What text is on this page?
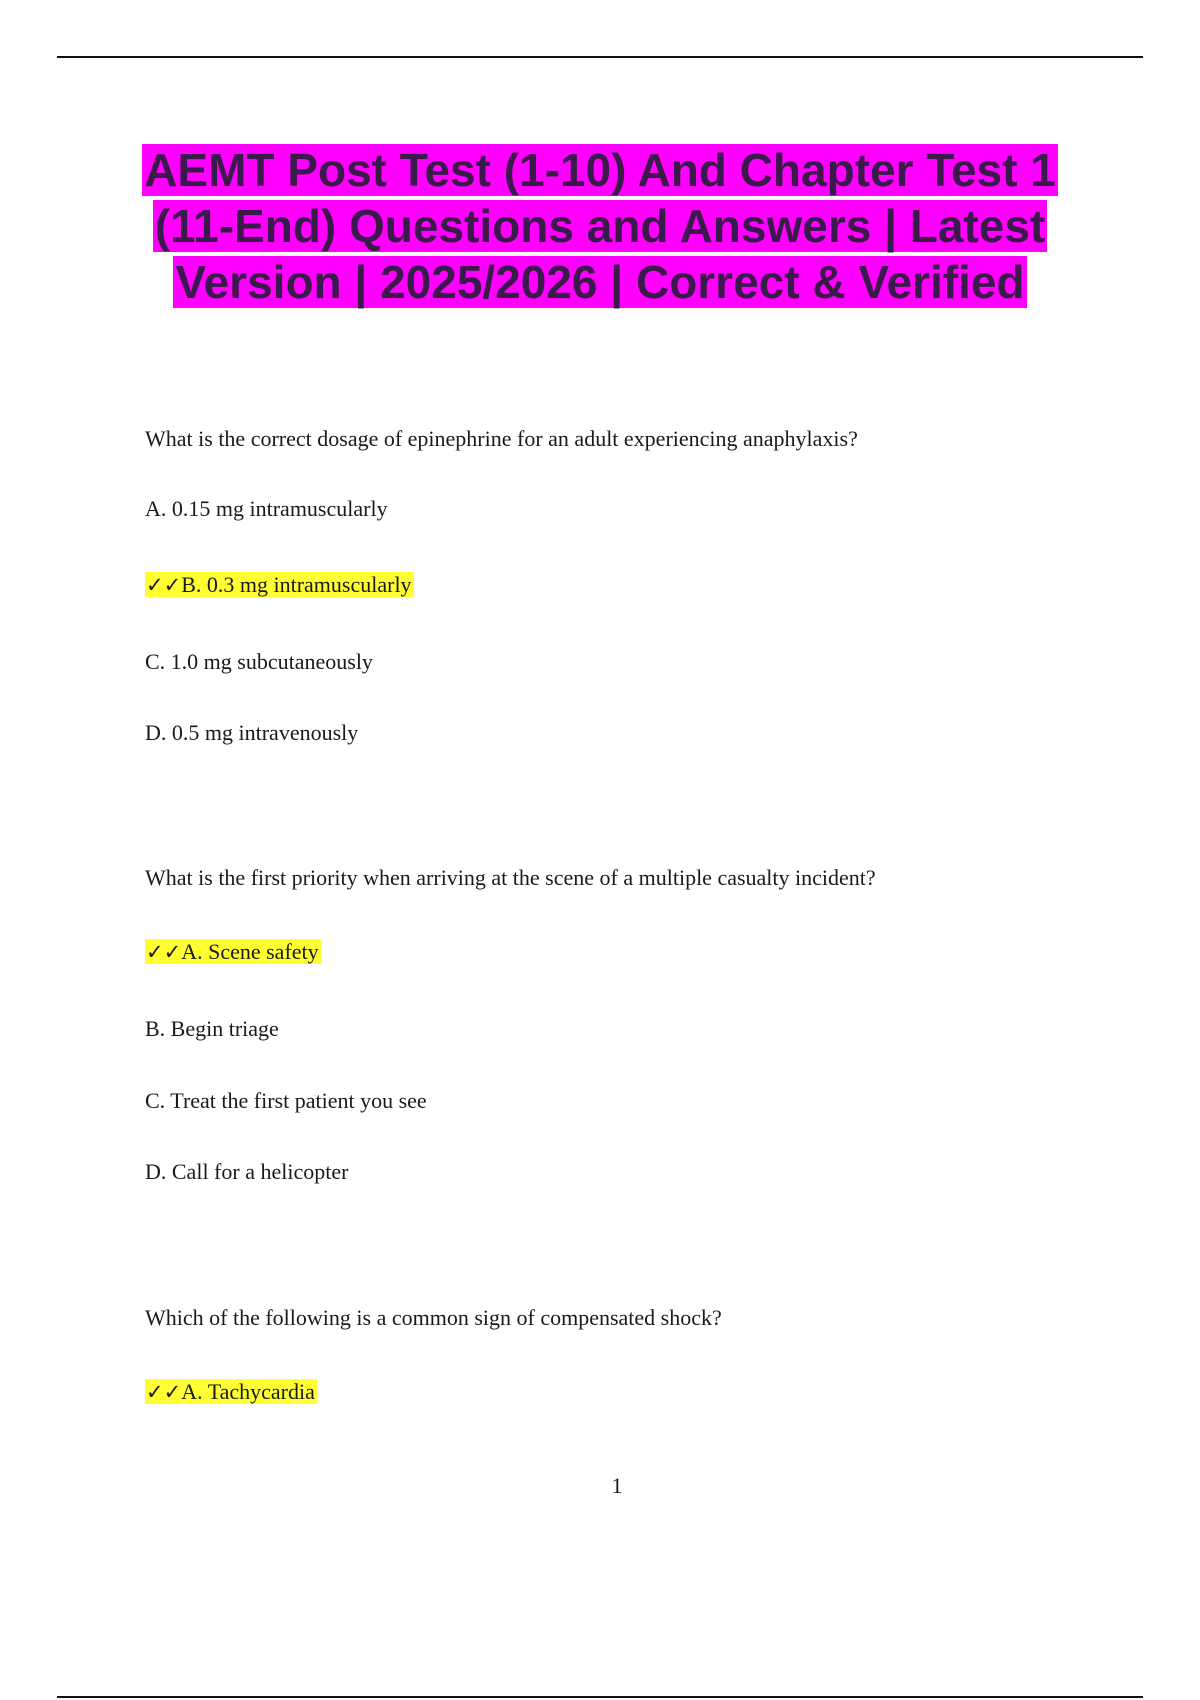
AEMT Post Test (1-10) And Chapter Test 1 (11-End) Questions and Answers | Latest Version | 2025/2026 | Correct & Verified
What is the correct dosage of epinephrine for an adult experiencing anaphylaxis?
A. 0.15 mg intramuscularly
✓✓B. 0.3 mg intramuscularly
C. 1.0 mg subcutaneously
D. 0.5 mg intravenously
What is the first priority when arriving at the scene of a multiple casualty incident?
✓✓A. Scene safety
B. Begin triage
C. Treat the first patient you see
D. Call for a helicopter
Which of the following is a common sign of compensated shock?
✓✓A. Tachycardia
1
